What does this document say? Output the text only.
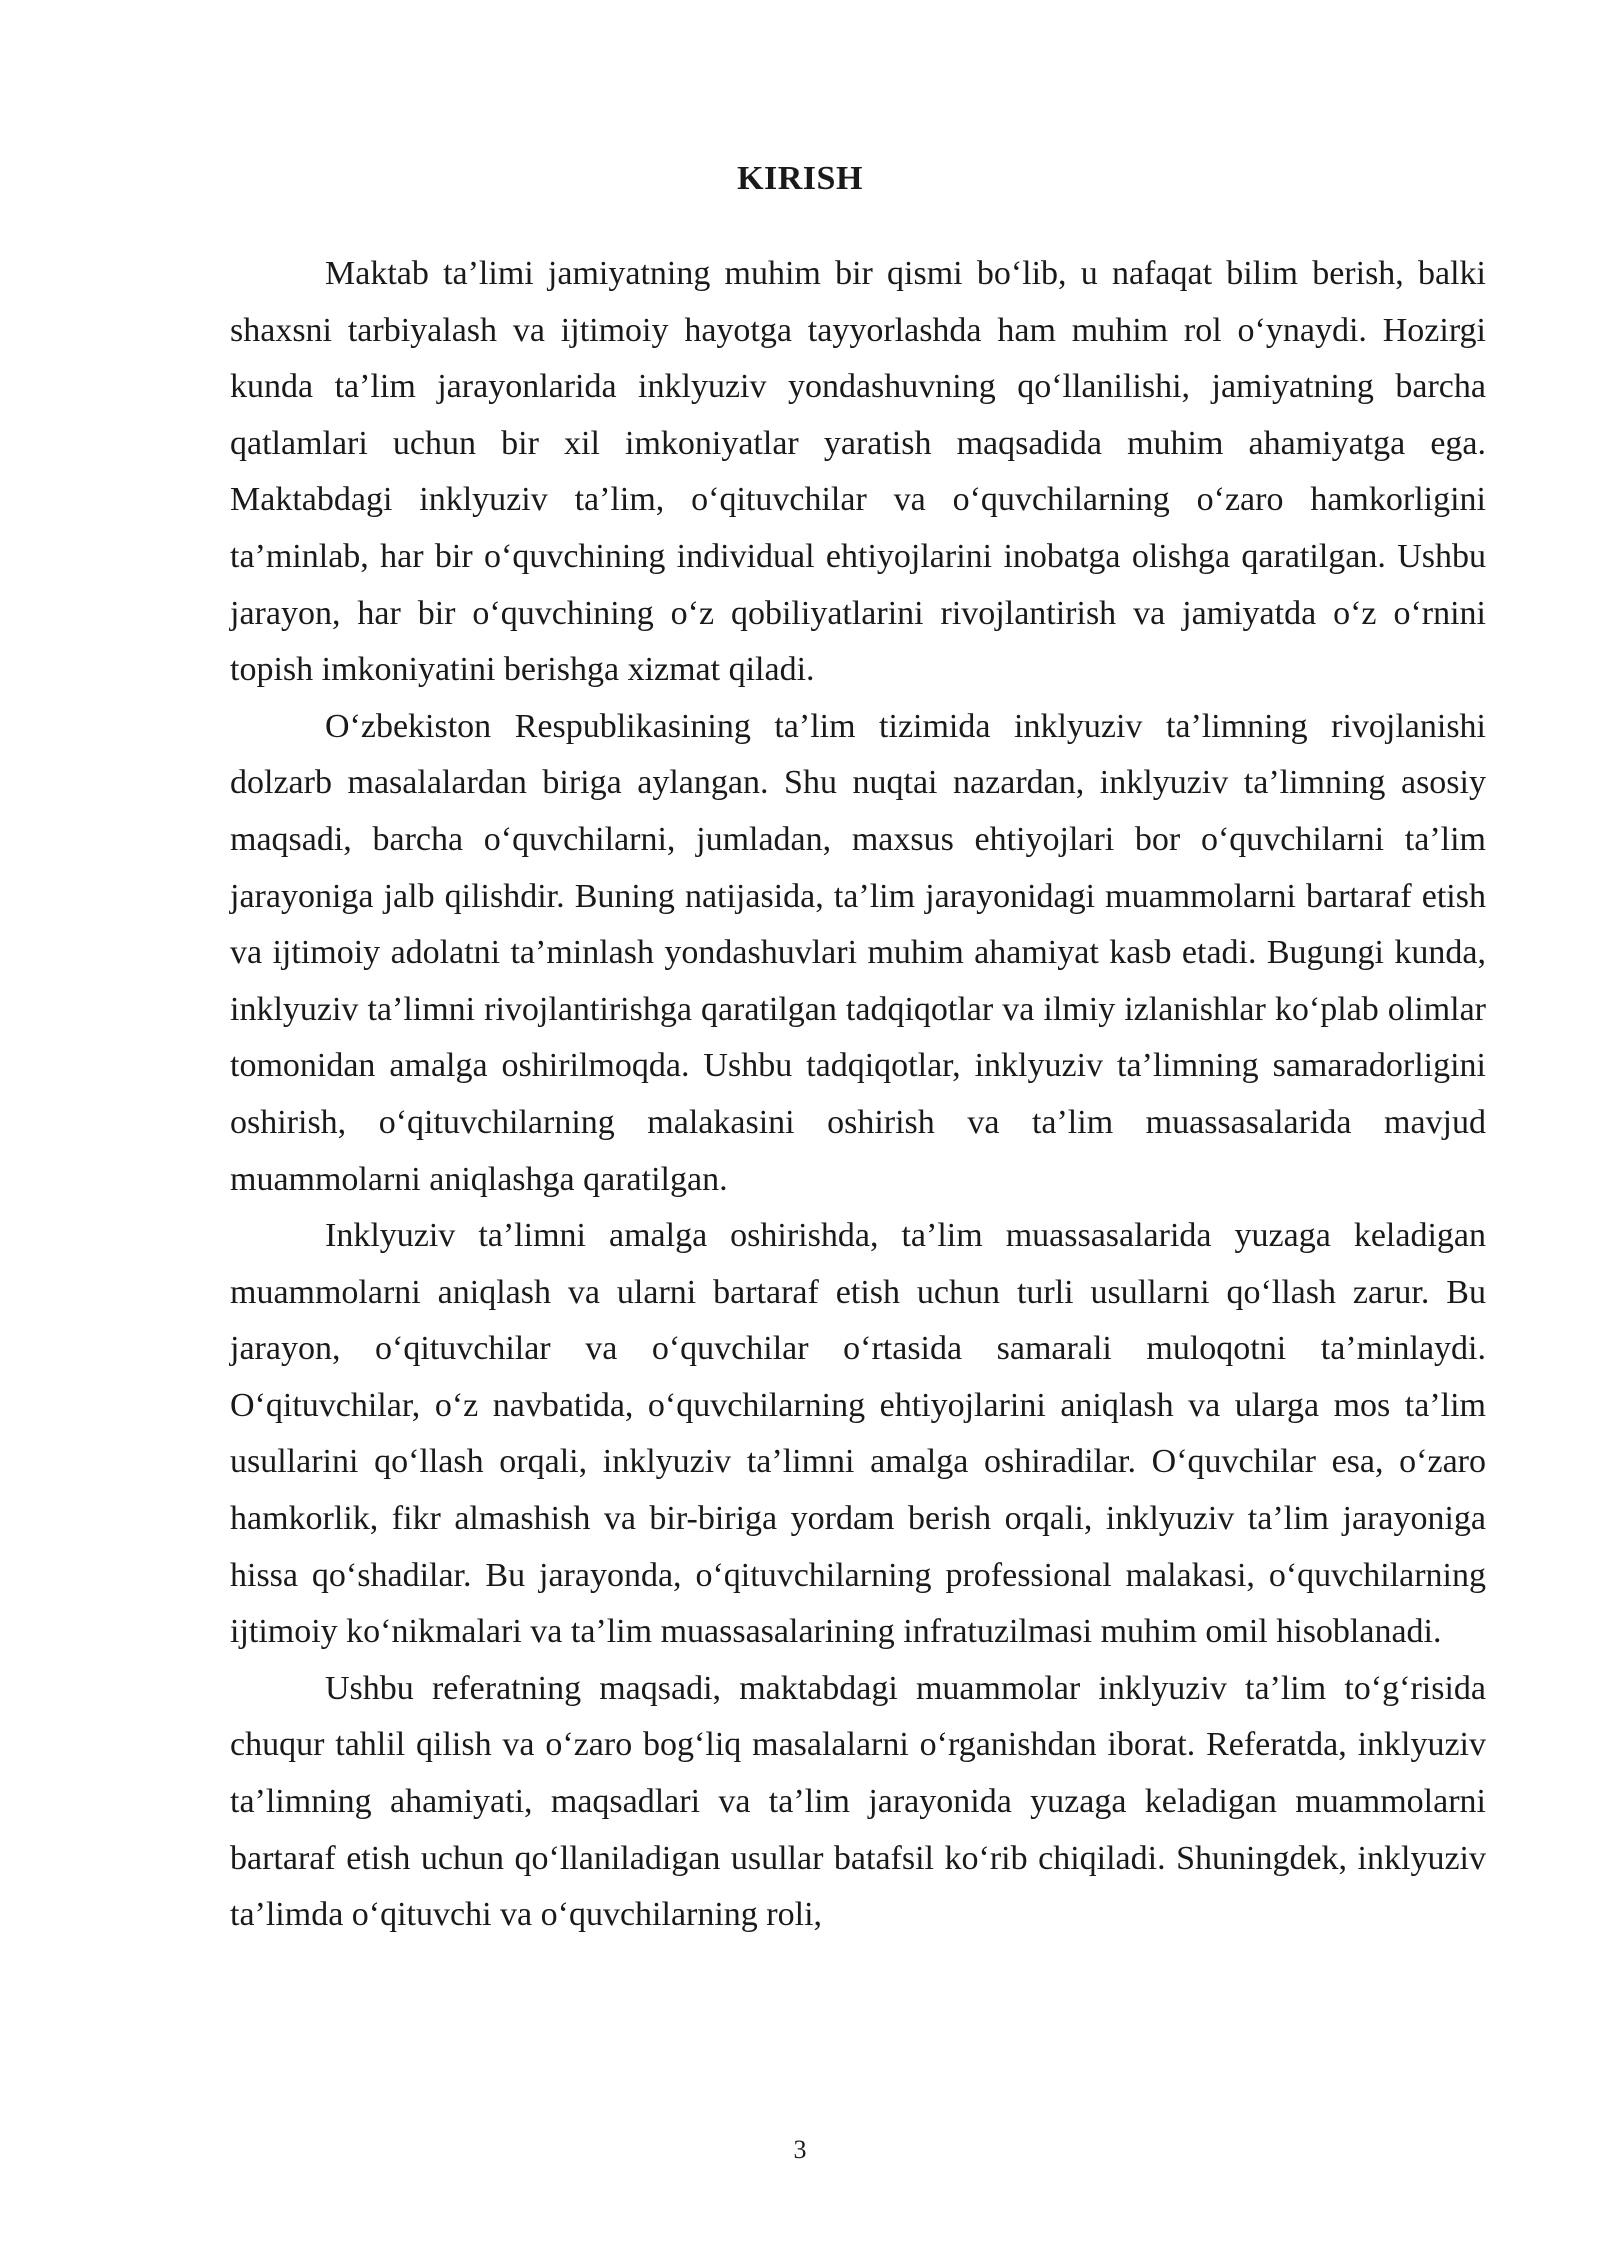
KIRISH

Maktab ta’limi jamiyatning muhim bir qismi bo‘lib, u nafaqat bilim berish, balki shaxsni tarbiyalash va ijtimoiy hayotga tayyorlashda ham muhim rol o‘ynaydi. Hozirgi kunda ta’lim jarayonlarida inklyuziv yondashuvning qo‘llanilishi, jamiyatning barcha qatlamlari uchun bir xil imkoniyatlar yaratish maqsadida muhim ahamiyatga ega. Maktabdagi inklyuziv ta’lim, o‘qituvchilar va o‘quvchilarning o‘zaro hamkorligini ta’minlab, har bir o‘quvchining individual ehtiyojlarini inobatga olishga qaratilgan. Ushbu jarayon, har bir o‘quvchining o‘z qobiliyatlarini rivojlantirish va jamiyatda o‘z o‘rnini topish imkoniyatini berishga xizmat qiladi.

O‘zbekiston Respublikasining ta’lim tizimida inklyuziv ta’limning rivojlanishi dolzarb masalalardan biriga aylangan. Shu nuqtai nazardan, inklyuziv ta’limning asosiy maqsadi, barcha o‘quvchilarni, jumladan, maxsus ehtiyojlari bor o‘quvchilarni ta’lim jarayoniga jalb qilishdir. Buning natijasida, ta’lim jarayonidagi muammolarni bartaraf etish va ijtimoiy adolatni ta’minlash yondashuvlari muhim ahamiyat kasb etadi. Bugungi kunda, inklyuziv ta’limni rivojlantirishga qaratilgan tadqiqotlar va ilmiy izlanishlar ko‘plab olimlar tomonidan amalga oshirilmoqda. Ushbu tadqiqotlar, inklyuziv ta’limning samaradorligini oshirish, o‘qituvchilarning malakasini oshirish va ta’lim muassasalarida mavjud muammolarni aniqlashga qaratilgan.

Inklyuziv ta’limni amalga oshirishda, ta’lim muassasalarida yuzaga keladigan muammolarni aniqlash va ularni bartaraf etish uchun turli usullarni qo‘llash zarur. Bu jarayon, o‘qituvchilar va o‘quvchilar o‘rtasida samarali muloqotni ta’minlaydi. O‘qituvchilar, o‘z navbatida, o‘quvchilarning ehtiyojlarini aniqlash va ularga mos ta’lim usullarini qo‘llash orqali, inklyuziv ta’limni amalga oshiradilar. O‘quvchilar esa, o‘zaro hamkorlik, fikr almashish va bir-biriga yordam berish orqali, inklyuziv ta’lim jarayoniga hissa qo‘shadilar. Bu jarayonda, o‘qituvchilarning professional malakasi, o‘quvchilarning ijtimoiy ko‘nikmalari va ta’lim muassasalarining infratuzilmasi muhim omil hisoblanadi.

Ushbu referatning maqsadi, maktabdagi muammolar inklyuziv ta’lim to‘g‘risida chuqur tahlil qilish va o‘zaro bog‘liq masalalarni o‘rganishdan iborat. Referatda, inklyuziv ta’limning ahamiyati, maqsadlari va ta’lim jarayonida yuzaga keladigan muammolarni bartaraf etish uchun qo‘llaniladigan usullar batafsil ko‘rib chiqiladi. Shuningdek, inklyuziv ta’limda o‘qituvchi va o‘quvchilarning roli,

3
